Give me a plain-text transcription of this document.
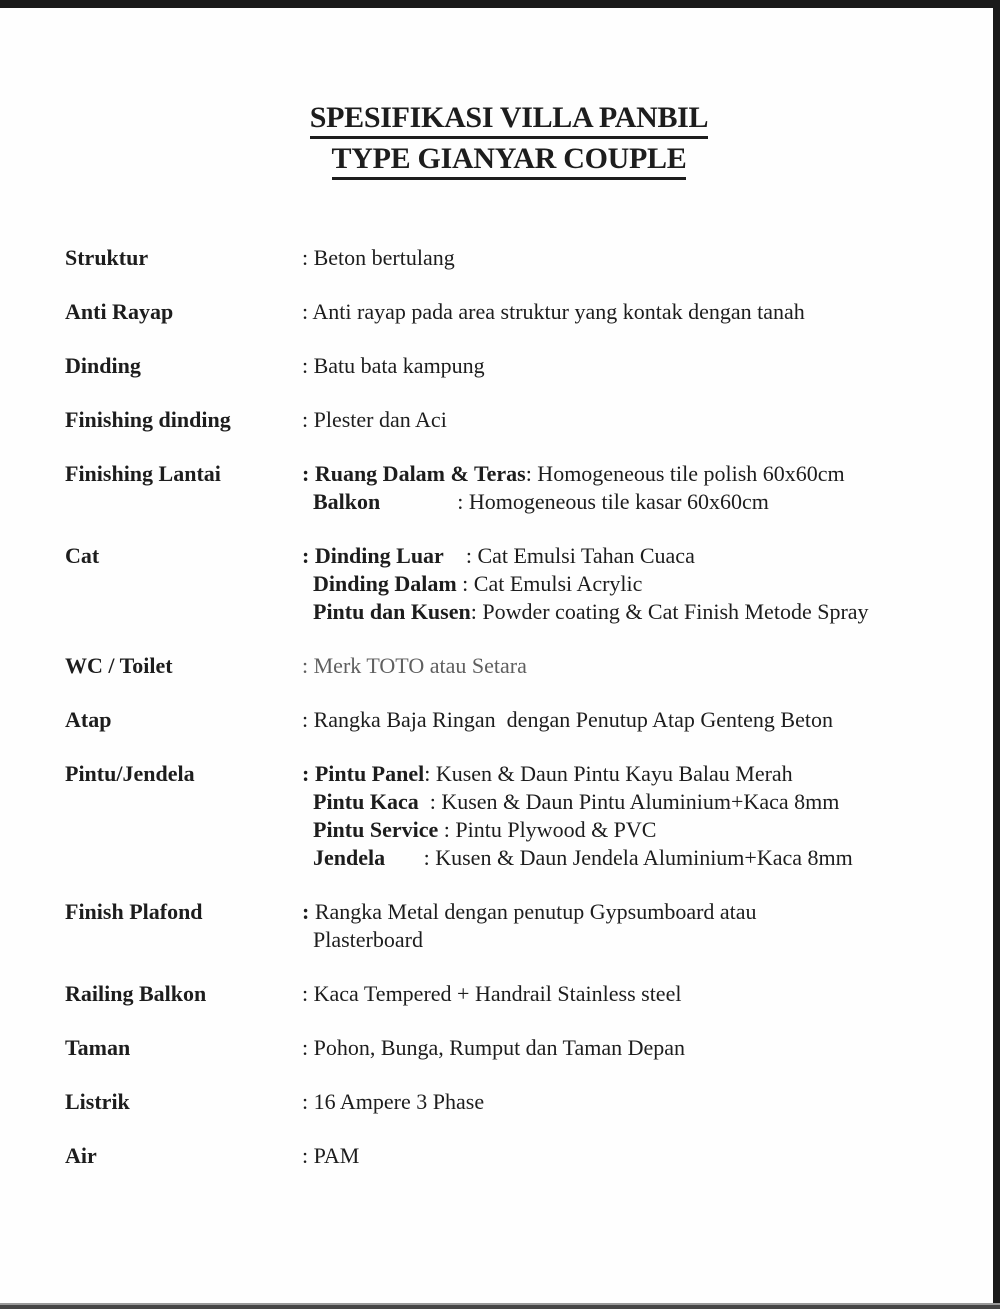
SPESIFIKASI VILLA PANBIL
TYPE GIANYAR COUPLE
Struktur	: Beton bertulang
Anti Rayap	: Anti rayap pada area struktur yang kontak dengan tanah
Dinding	: Batu bata kampung
Finishing dinding	: Plester dan Aci
Finishing Lantai	: Ruang Dalam & Teras: Homogeneous tile polish 60x60cm
Balkon              : Homogeneous tile kasar 60x60cm
Cat	: Dinding Luar    : Cat Emulsi Tahan Cuaca
Dinding Dalam : Cat Emulsi Acrylic
Pintu dan Kusen: Powder coating & Cat Finish Metode Spray
WC / Toilet	: Merk TOTO atau Setara
Atap	: Rangka Baja Ringan  dengan Penutup Atap Genteng Beton
Pintu/Jendela	: Pintu Panel: Kusen & Daun Pintu Kayu Balau Merah
Pintu Kaca  : Kusen & Daun Pintu Aluminium+Kaca 8mm
Pintu Service : Pintu Plywood & PVC
Jendela       : Kusen & Daun Jendela Aluminium+Kaca 8mm
Finish Plafond	: Rangka Metal dengan penutup Gypsumboard atau
Plasterboard
Railing Balkon	: Kaca Tempered + Handrail Stainless steel
Taman	: Pohon, Bunga, Rumput dan Taman Depan
Listrik	: 16 Ampere 3 Phase
Air	: PAM
